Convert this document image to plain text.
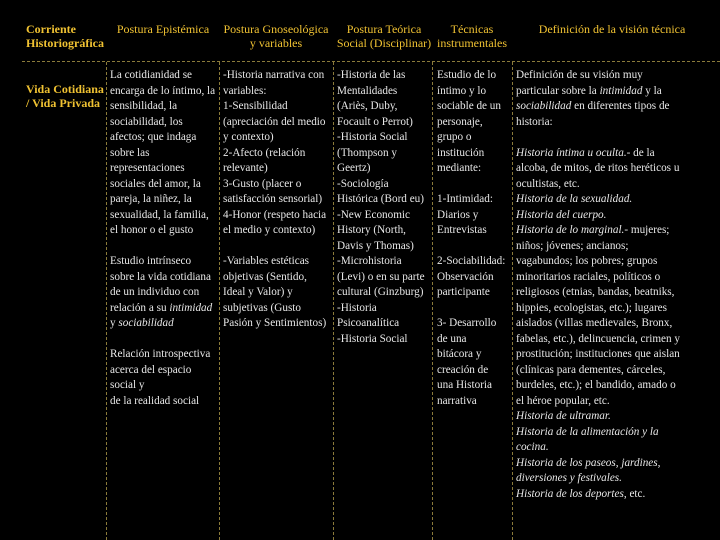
Corriente
Historiográfica
Postura Epistémica	Postura Gnoseológica
y variables
Postura Teórica
Social (Disciplinar)
Técnicas
instrumentales
Definición de la visión técnica
Vida Cotidiana
/ Vida Privada

La cotidianidad se encarga de lo íntimo, la sensibilidad, la sociabilidad, los afectos; que indaga sobre las representaciones sociales del amor, la pareja, la niñez, la sexualidad, la familia, el honor o el gusto

Estudio intrínseco sobre la vida cotidiana de un individuo con relación a su intimidad y sociabilidad

Relación introspectiva acerca del espacio social y
de la realidad social

-Historia narrativa con variables:
1-Sensibilidad (apreciación del medio y contexto)
2-Afecto (relación relevante)
3-Gusto (placer o satisfacción sensorial)
4-Honor (respeto hacia el medio y contexto)

-Variables estéticas objetivas (Sentido, Ideal y Valor) y subjetivas (Gusto Pasión y Sentimientos)

-Historia de las Mentalidades
(Ariès, Duby, Focault o Perrot)
-Historia Social (Thompson y Geertz)
-Sociología Histórica (Bord eu)
-New Economic History (North, Davis y Thomas)
-Microhistoria (Levi) o en su parte cultural (Ginzburg)
-Historia Psicoanalítica
-Historia Social

Estudio de lo íntimo y lo sociable de un personaje, grupo o institución mediante:

1-Intimidad: Diarios y Entrevistas

2-Sociabilidad: Observación participante

3- Desarrollo
de una
bitácora y
creación de
una Historia
narrativa

Definición de su visión muy particular sobre la intimidad y la sociabilidad en diferentes tipos de historia:

Historia íntima u oculta.- de la alcoba, de mitos, de ritos heréticos u ocultistas, etc.

Historia de la sexualidad.

Historia del cuerpo.

Historia de lo marginal.- mujeres; niños; jóvenes; ancianos; vagabundos; los pobres; grupos minoritarios raciales, políticos o religiosos (etnias, bandas, beatniks, hippies, ecologistas, etc.); lugares aislados (villas medievales, Bronx, fabelas, etc.), delincuencia, crimen y prostitución; instituciones que aislan (clínicas para dementes, cárceles, burdeles, etc.); el bandido, amado o el héroe popular, etc.

Historia de ultramar.

Historia de la alimentación y la cocina.

Historia de los paseos, jardines, diversiones y festivales.

Historia de los deportes, etc.
